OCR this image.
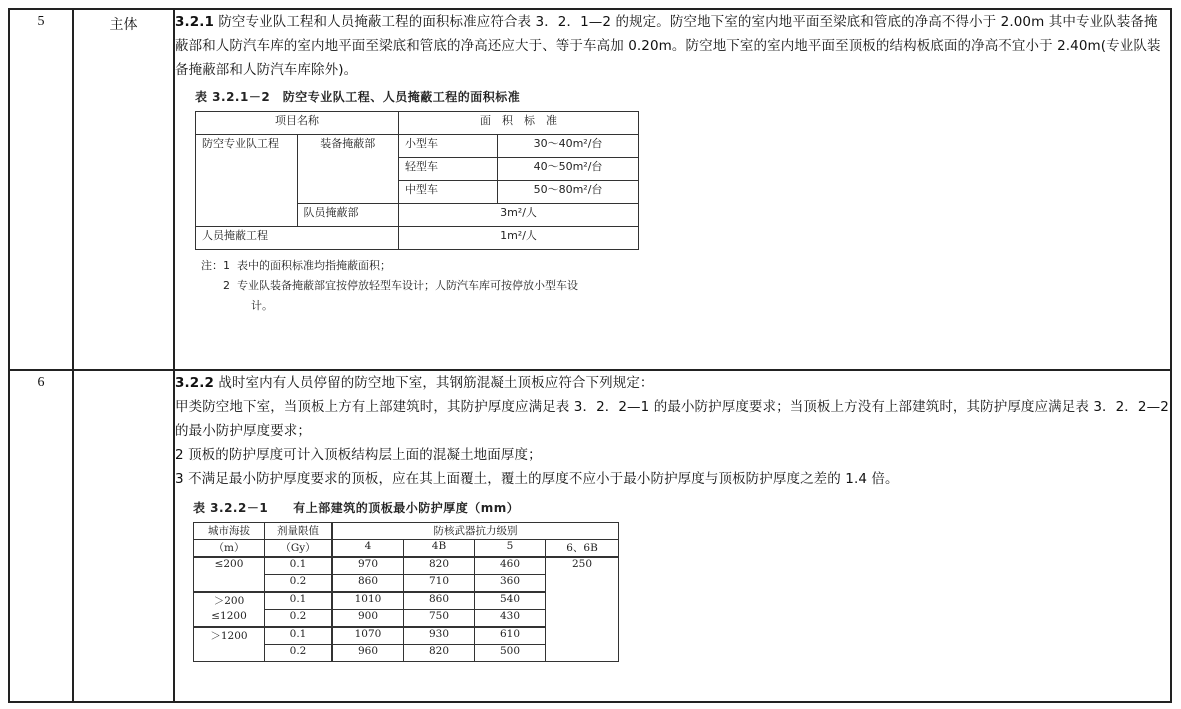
5	主体	3.2.1 防空专业队工程和人员掩蔽工程的面积标准应符合表 3．2．1—2 的规定。防空地下室的室内地平面至梁底和管底的净高不得小于 2.00m 其中专业队装备掩蔽部和人防汽车库的室内地平面至梁底和管底的净高还应大于、等于车高加 0.20m。防空地下室的室内地平面至顶板的结构板底面的净高不宜小于 2.40m(专业队装备掩蔽部和人防汽车库除外)。

表 3.2.1－2　防空专业队工程、人员掩蔽工程的面积标准
项目名称	面　积　标　准
防空专业队工程	装备掩蔽部	小型车	30～40m²/台
轻型车	40～50m²/台
中型车	50～80m²/台
队员掩蔽部	3m²/人
人员掩蔽工程	1m²/人
注：1 表中的面积标准均指掩蔽面积；
2 专业队装备掩蔽部宜按停放轻型车设计；人防汽车库可按停放小型车设
计。

6		3.2.2 战时室内有人员停留的防空地下室，其钢筋混凝土顶板应符合下列规定：

甲类防空地下室，当顶板上方有上部建筑时，其防护厚度应满足表 3．2．2—1 的最小防护厚度要求；当顶板上方没有上部建筑时，其防护厚度应满足表 3．2．2—2 的最小防护厚度要求；

2 顶板的防护厚度可计入顶板结构层上面的混凝土地面厚度；

3 不满足最小防护厚度要求的顶板，应在其上面覆土，覆土的厚度不应小于最小防护厚度与顶板防护厚度之差的 1.4 倍。

表 3.2.2－1　　有上部建筑的顶板最小防护厚度（mm）
城市海拔	剂量限值	防核武器抗力级别
（m）	（Gy）	4	4B	5	6、6B
≤200	0.1	970	820	460	250
0.2	860	710	360
＞200	0.1	1010	860	540
≤1200	0.2	900	750	430
＞1200	0.1	1070	930	610
0.2	960	820	500
